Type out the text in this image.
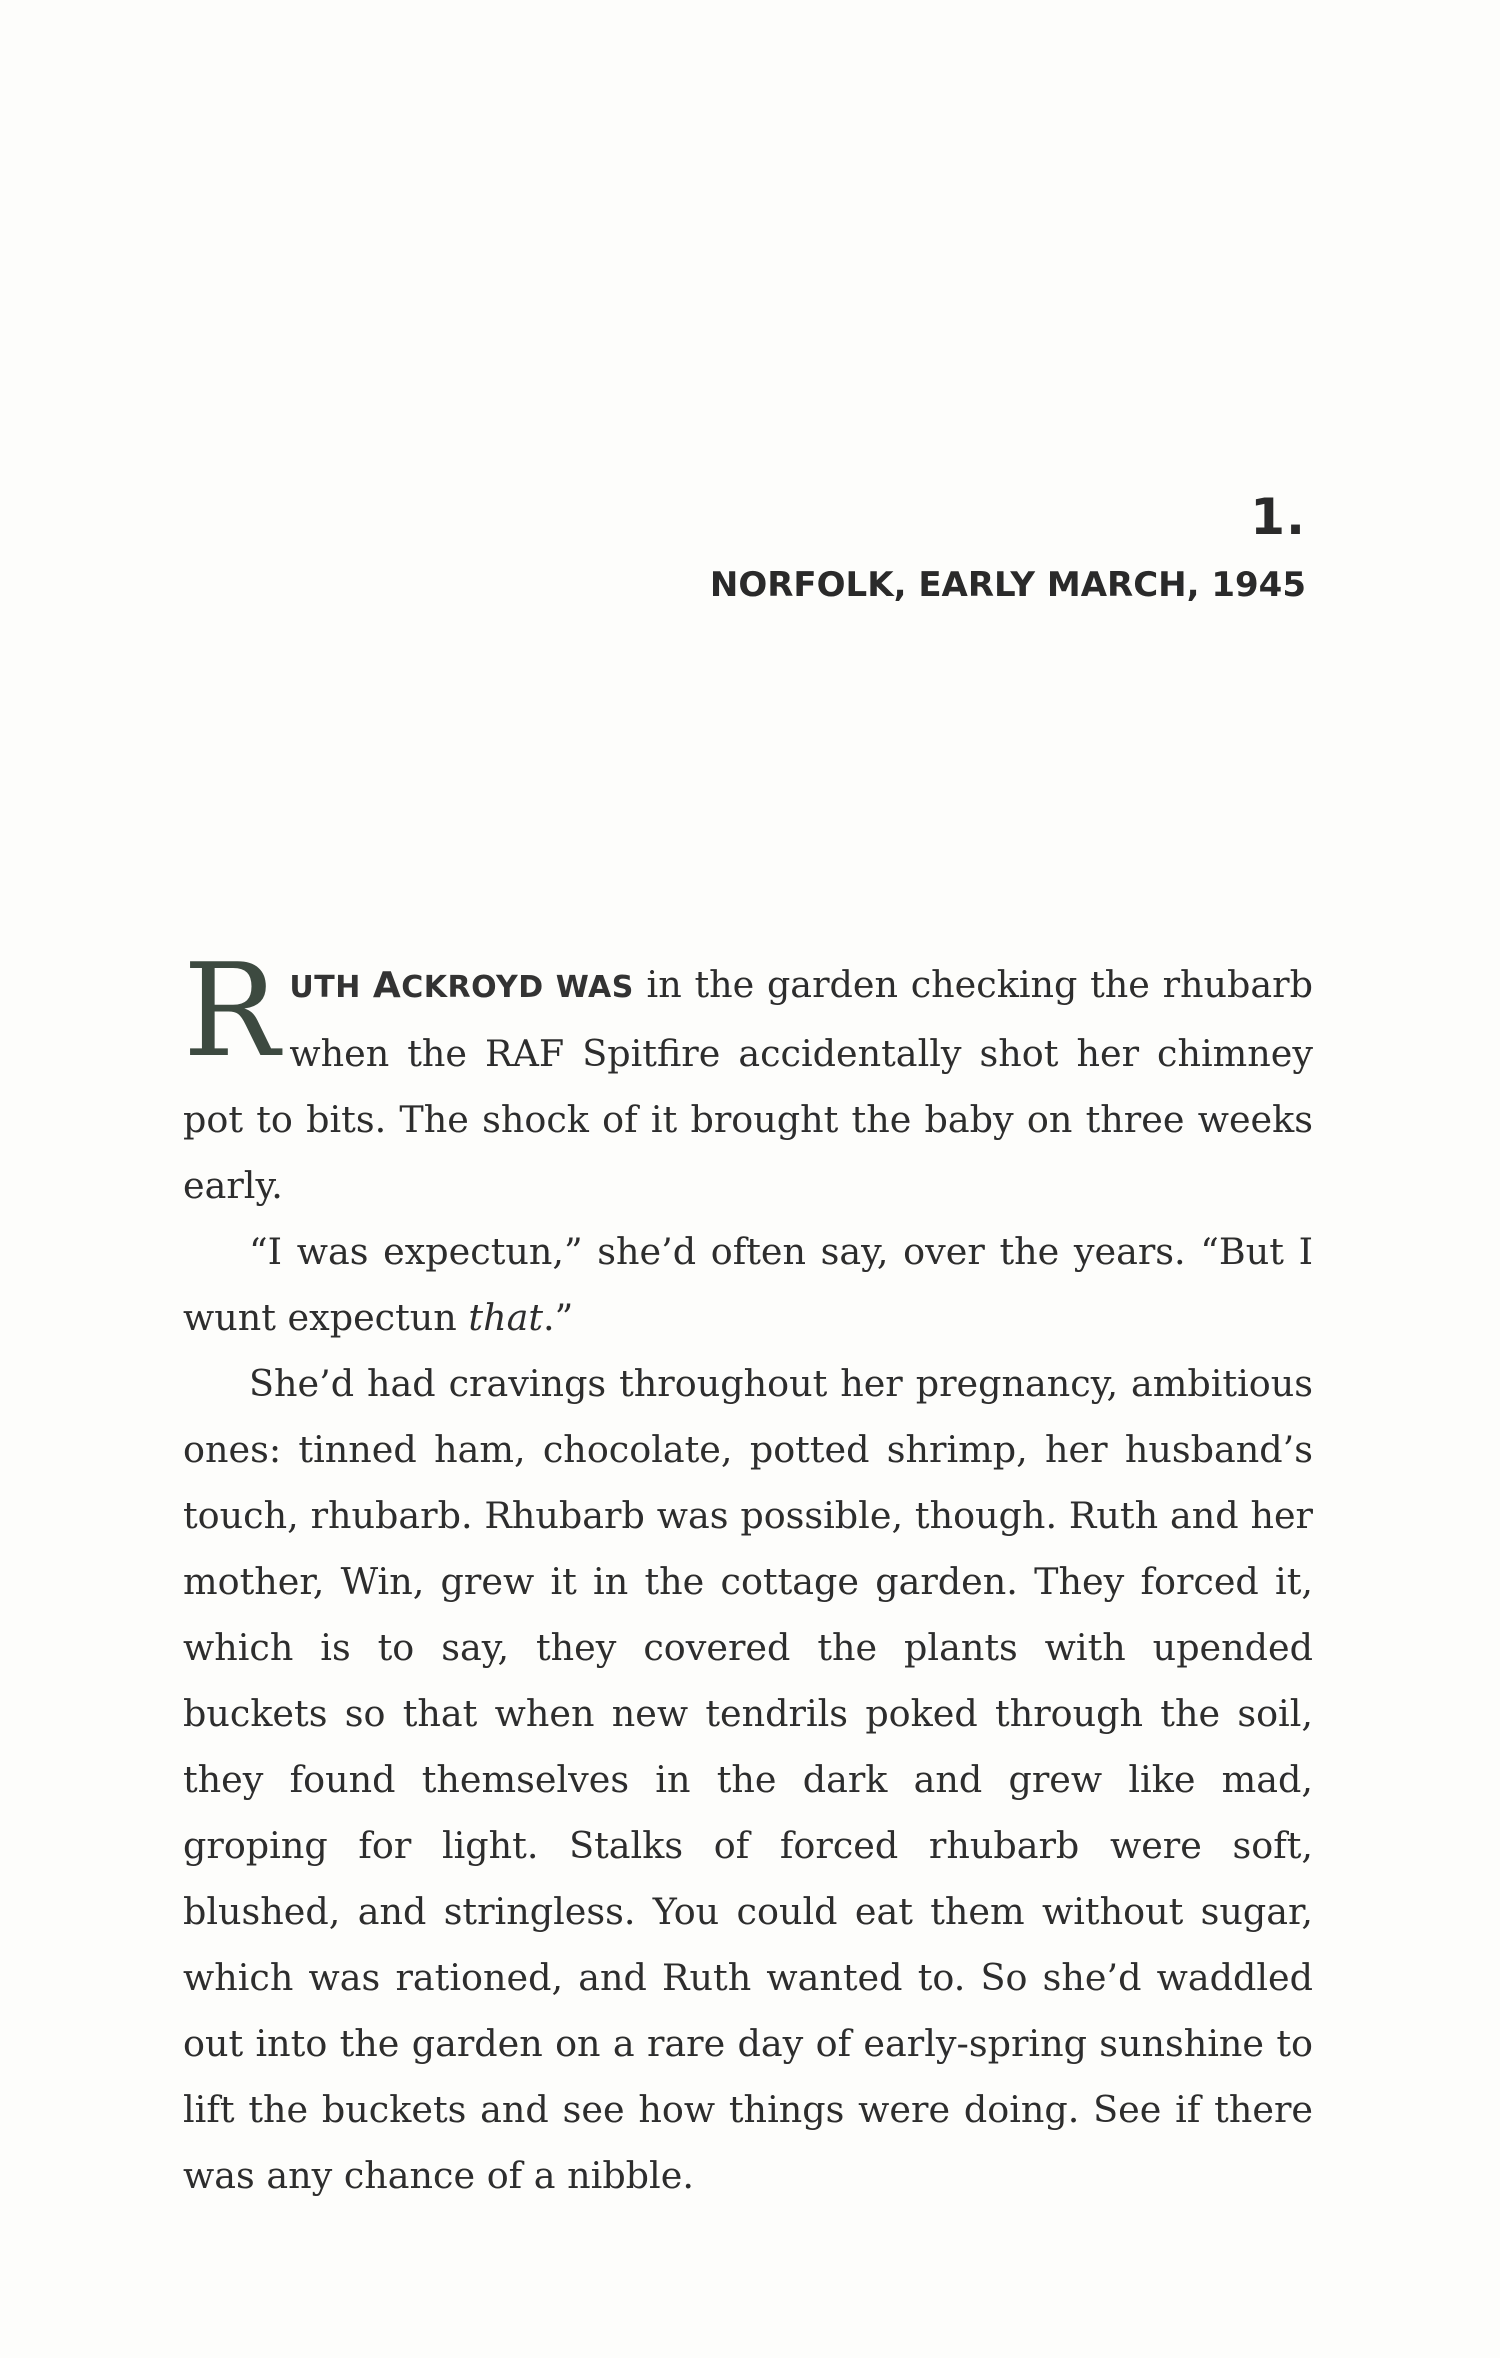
1.
NORFOLK, EARLY MARCH, 1945

RUTH ACKROYD WAS in the garden checking the rhubarb when the RAF Spitfire accidentally shot her chimney pot to bits. The shock of it brought the baby on three weeks early.

“I was expectun,” she’d often say, over the years. “But I wunt expectun that.”

She’d had cravings throughout her pregnancy, ambitious ones: tinned ham, chocolate, potted shrimp, her husband’s touch, rhubarb. Rhubarb was possible, though. Ruth and her mother, Win, grew it in the cottage garden. They forced it, which is to say, they covered the plants with upended buckets so that when new tendrils poked through the soil, they found themselves in the dark and grew like mad, groping for light. Stalks of forced rhubarb were soft, blushed, and stringless. You could eat them without sugar, which was rationed, and Ruth wanted to. So she’d waddled out into the garden on a rare day of early-spring sunshine to lift the buckets and see how things were doing. See if there was any chance of a nibble.
